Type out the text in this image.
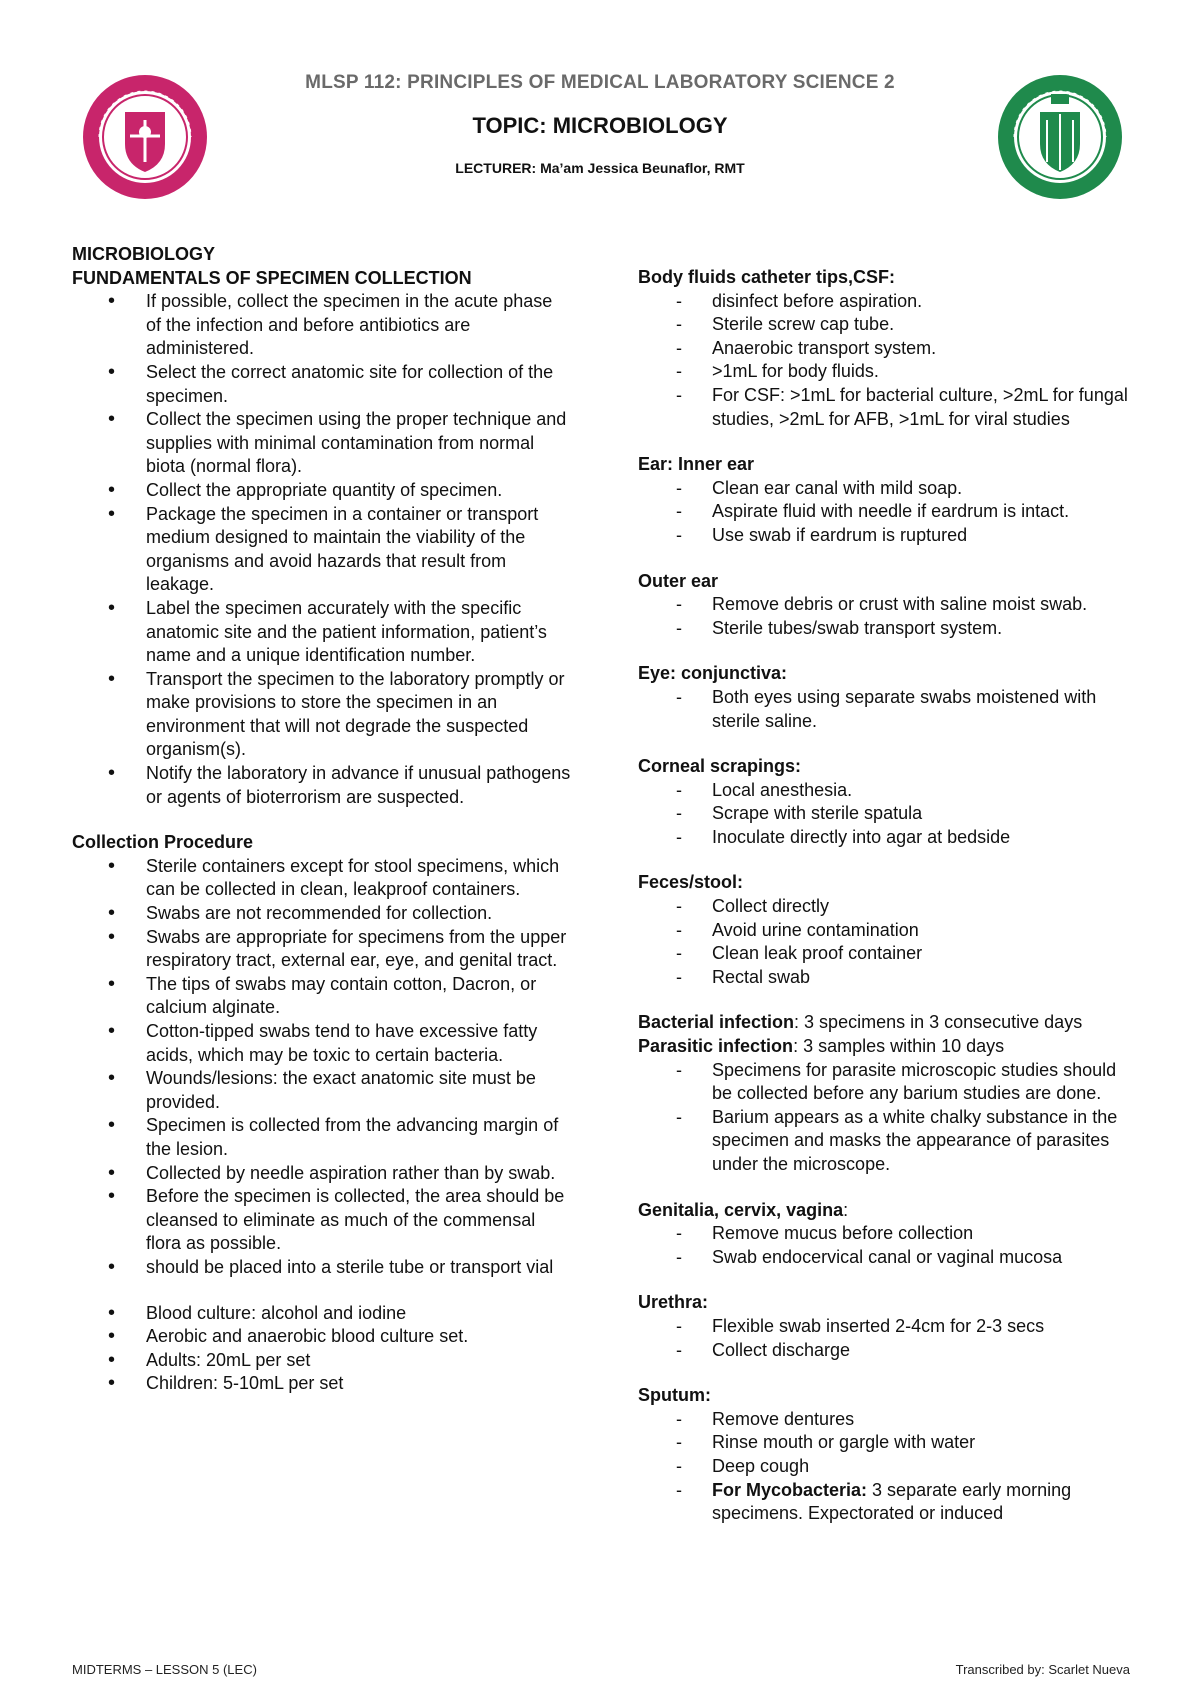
MLSP 112: PRINCIPLES OF MEDICAL LABORATORY SCIENCE 2
TOPIC: MICROBIOLOGY
LECTURER: Ma’am Jessica Beunaflor, RMT
MICROBIOLOGY
FUNDAMENTALS OF SPECIMEN COLLECTION
• If possible, collect the specimen in the acute phase of the infection and before antibiotics are administered.
• Select the correct anatomic site for collection of the specimen.
• Collect the specimen using the proper technique and supplies with minimal contamination from normal biota (normal flora).
• Collect the appropriate quantity of specimen.
• Package the specimen in a container or transport medium designed to maintain the viability of the organisms and avoid hazards that result from leakage.
• Label the specimen accurately with the specific anatomic site and the patient information, patient’s name and a unique identification number.
• Transport the specimen to the laboratory promptly or make provisions to store the specimen in an environment that will not degrade the suspected organism(s).
• Notify the laboratory in advance if unusual pathogens or agents of bioterrorism are suspected.
Collection Procedure
• Sterile containers except for stool specimens, which can be collected in clean, leakproof containers.
• Swabs are not recommended for collection.
• Swabs are appropriate for specimens from the upper respiratory tract, external ear, eye, and genital tract.
• The tips of swabs may contain cotton, Dacron, or calcium alginate.
• Cotton-tipped swabs tend to have excessive fatty acids, which may be toxic to certain bacteria.
• Wounds/lesions: the exact anatomic site must be provided.
• Specimen is collected from the advancing margin of the lesion.
• Collected by needle aspiration rather than by swab.
• Before the specimen is collected, the area should be cleansed to eliminate as much of the commensal flora as possible.
• should be placed into a sterile tube or transport vial
• Blood culture: alcohol and iodine
• Aerobic and anaerobic blood culture set.
• Adults: 20mL per set
• Children: 5-10mL per set
Body fluids catheter tips,CSF:
- disinfect before aspiration.
- Sterile screw cap tube.
- Anaerobic transport system.
- >1mL for body fluids.
- For CSF: >1mL for bacterial culture, >2mL for fungal studies, >2mL for AFB, >1mL for viral studies
Ear: Inner ear
- Clean ear canal with mild soap.
- Aspirate fluid with needle if eardrum is intact.
- Use swab if eardrum is ruptured
Outer ear
- Remove debris or crust with saline moist swab.
- Sterile tubes/swab transport system.
Eye: conjunctiva:
- Both eyes using separate swabs moistened with sterile saline.
Corneal scrapings:
- Local anesthesia.
- Scrape with sterile spatula
- Inoculate directly into agar at bedside
Feces/stool:
- Collect directly
- Avoid urine contamination
- Clean leak proof container
- Rectal swab
Bacterial infection: 3 specimens in 3 consecutive days
Parasitic infection: 3 samples within 10 days
- Specimens for parasite microscopic studies should be collected before any barium studies are done.
- Barium appears as a white chalky substance in the specimen and masks the appearance of parasites under the microscope.
Genitalia, cervix, vagina:
- Remove mucus before collection
- Swab endocervical canal or vaginal mucosa
Urethra:
- Flexible swab inserted 2-4cm for 2-3 secs
- Collect discharge
Sputum:
- Remove dentures
- Rinse mouth or gargle with water
- Deep cough
- For Mycobacteria: 3 separate early morning specimens. Expectorated or induced
MIDTERMS – LESSON 5 (LEC)	Transcribed by: Scarlet Nueva
